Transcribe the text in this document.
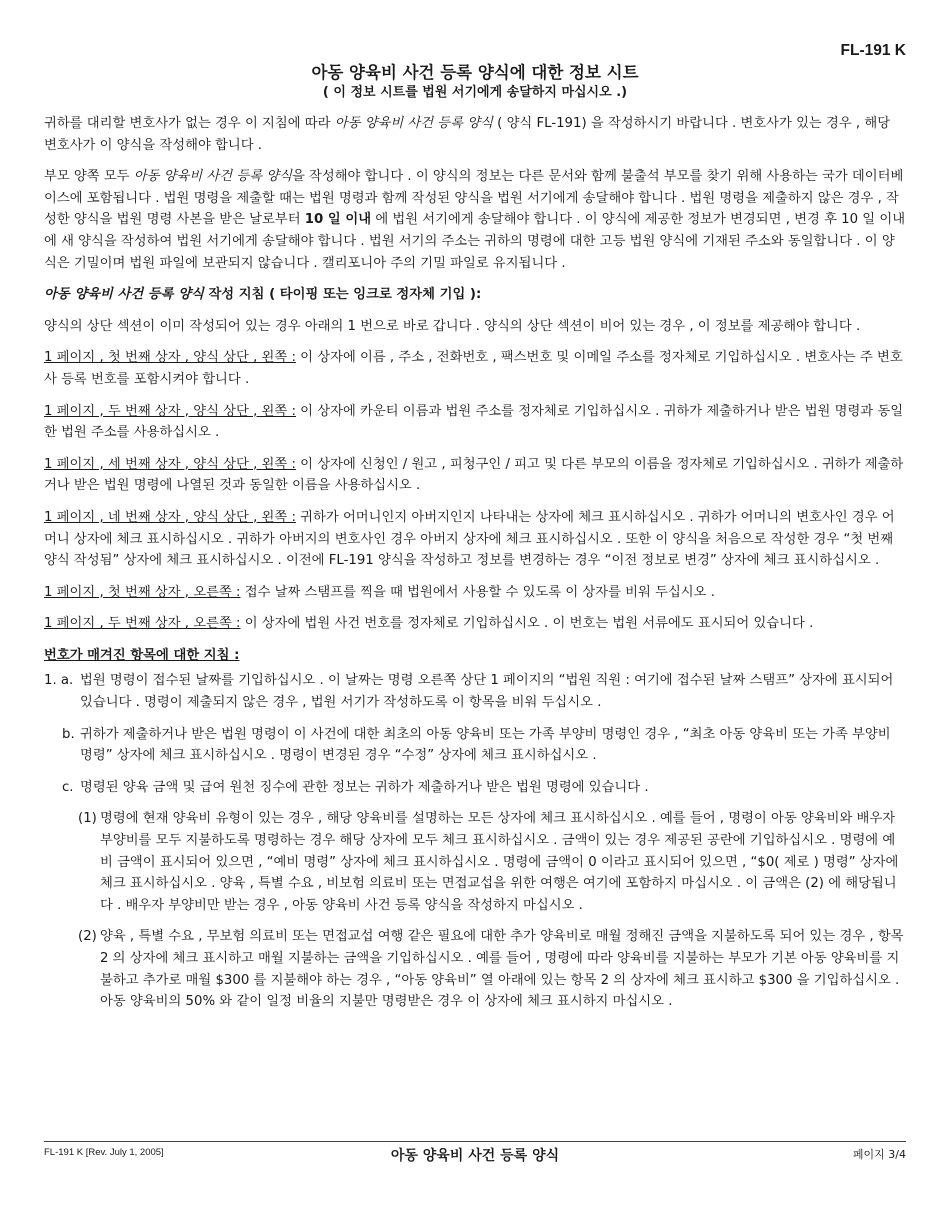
FL-191 K
아동 양육비 사건 등록 양식에 대한 정보 시트
( 이 정보 시트를 법원 서기에게 송달하지 마십시오 .)

귀하를 대리할 변호사가 없는 경우 이 지침에 따라 아동 양육비 사건 등록 양식 ( 양식 FL-191) 을 작성하시기 바랍니다 . 변호사가 있는 경우 , 해당 변호사가 이 양식을 작성해야 합니다 .

부모 양쪽 모두 아동 양육비 사건 등록 양식을 작성해야 합니다 . 이 양식의 정보는 다른 문서와 함께 불출석 부모를 찾기 위해 사용하는 국가 데이터베이스에 포함됩니다 . 법원 명령을 제출할 때는 법원 명령과 함께 작성된 양식을 법원 서기에게 송달해야 합니다 . 법원 명령을 제출하지 않은 경우 , 작성한 양식을 법원 명령 사본을 받은 날로부터 10 일 이내 에 법원 서기에게 송달해야 합니다 . 이 양식에 제공한 정보가 변경되면 , 변경 후 10 일 이내에 새 양식을 작성하여 법원 서기에게 송달해야 합니다 . 법원 서기의 주소는 귀하의 명령에 대한 고등 법원 양식에 기재된 주소와 동일합니다 . 이 양식은 기밀이며 법원 파일에 보관되지 않습니다 . 캘리포니아 주의 기밀 파일로 유지됩니다 .

아동 양육비 사건 등록 양식 작성 지침 ( 타이핑 또는 잉크로 정자체 기입 ):

양식의 상단 섹션이 이미 작성되어 있는 경우 아래의 1 번으로 바로 갑니다 . 양식의 상단 섹션이 비어 있는 경우 , 이 정보를 제공해야 합니다 .

1 페이지 , 첫 번째 상자 , 양식 상단 , 왼쪽 : 이 상자에 이름 , 주소 , 전화번호 , 팩스번호 및 이메일 주소를 정자체로 기입하십시오 . 변호사는 주 변호사 등록 번호를 포함시켜야 합니다 .

1 페이지 , 두 번째 상자 , 양식 상단 , 왼쪽 : 이 상자에 카운티 이름과 법원 주소를 정자체로 기입하십시오 . 귀하가 제출하거나 받은 법원 명령과 동일한 법원 주소를 사용하십시오 .

1 페이지 , 세 번째 상자 , 양식 상단 , 왼쪽 : 이 상자에 신청인 / 원고 , 피청구인 / 피고 및 다른 부모의 이름을 정자체로 기입하십시오 . 귀하가 제출하거나 받은 법원 명령에 나열된 것과 동일한 이름을 사용하십시오 .

1 페이지 , 네 번째 상자 , 양식 상단 , 왼쪽 : 귀하가 어머니인지 아버지인지 나타내는 상자에 체크 표시하십시오 . 귀하가 어머니의 변호사인 경우 어머니 상자에 체크 표시하십시오 . 귀하가 아버지의 변호사인 경우 아버지 상자에 체크 표시하십시오 . 또한 이 양식을 처음으로 작성한 경우 “첫 번째 양식 작성됨” 상자에 체크 표시하십시오 . 이전에 FL-191 양식을 작성하고 정보를 변경하는 경우 “이전 정보로 변경” 상자에 체크 표시하십시오 .

1 페이지 , 첫 번째 상자 , 오른쪽 : 접수 날짜 스탬프를 찍을 때 법원에서 사용할 수 있도록 이 상자를 비워 두십시오 .

1 페이지 , 두 번째 상자 , 오른쪽 : 이 상자에 법원 사건 번호를 정자체로 기입하십시오 . 이 번호는 법원 서류에도 표시되어 있습니다 .

번호가 매겨진 항목에 대한 지침 :

1. a. 법원 명령이 접수된 날짜를 기입하십시오 . 이 날짜는 명령 오른쪽 상단 1 페이지의 “법원 직원 : 여기에 접수된 날짜 스탬프” 상자에 표시되어 있습니다 . 명령이 제출되지 않은 경우 , 법원 서기가 작성하도록 이 항목을 비워 두십시오 .
b. 귀하가 제출하거나 받은 법원 명령이 이 사건에 대한 최초의 아동 양육비 또는 가족 부양비 명령인 경우 , “최초 아동 양육비 또는 가족 부양비 명령” 상자에 체크 표시하십시오 . 명령이 변경된 경우 “수정” 상자에 체크 표시하십시오 .
c. 명령된 양육 금액 및 급여 원천 징수에 관한 정보는 귀하가 제출하거나 받은 법원 명령에 있습니다 .
(1) 명령에 현재 양육비 유형이 있는 경우 , 해당 양육비를 설명하는 모든 상자에 체크 표시하십시오 . 예를 들어 , 명령이 아동 양육비와 배우자 부양비를 모두 지불하도록 명령하는 경우 해당 상자에 모두 체크 표시하십시오 . 금액이 있는 경우 제공된 공란에 기입하십시오 . 명령에 예비 금액이 표시되어 있으면 , “예비 명령” 상자에 체크 표시하십시오 . 명령에 금액이 0 이라고 표시되어 있으면 , “$0( 제로 ) 명령” 상자에 체크 표시하십시오 . 양육 , 특별 수요 , 비보험 의료비 또는 면접교섭을 위한 여행은 여기에 포함하지 마십시오 . 이 금액은 (2) 에 해당됩니다 . 배우자 부양비만 받는 경우 , 아동 양육비 사건 등록 양식을 작성하지 마십시오 .
(2) 양육 , 특별 수요 , 무보험 의료비 또는 면접교섭 여행 같은 필요에 대한 추가 양육비로 매월 정해진 금액을 지불하도록 되어 있는 경우 , 항목 2 의 상자에 체크 표시하고 매월 지불하는 금액을 기입하십시오 . 예를 들어 , 명령에 따라 양육비를 지불하는 부모가 기본 아동 양육비를 지불하고 추가로 매월 $300 를 지불해야 하는 경우 , “아동 양육비” 열 아래에 있는 항목 2 의 상자에 체크 표시하고 $300 을 기입하십시오 . 아동 양육비의 50% 와 같이 일정 비율의 지불만 명령받은 경우 이 상자에 체크 표시하지 마십시오 .
FL-191 K [Rev. July 1, 2005]	아동 양육비 사건 등록 양식	페이지 3/4
